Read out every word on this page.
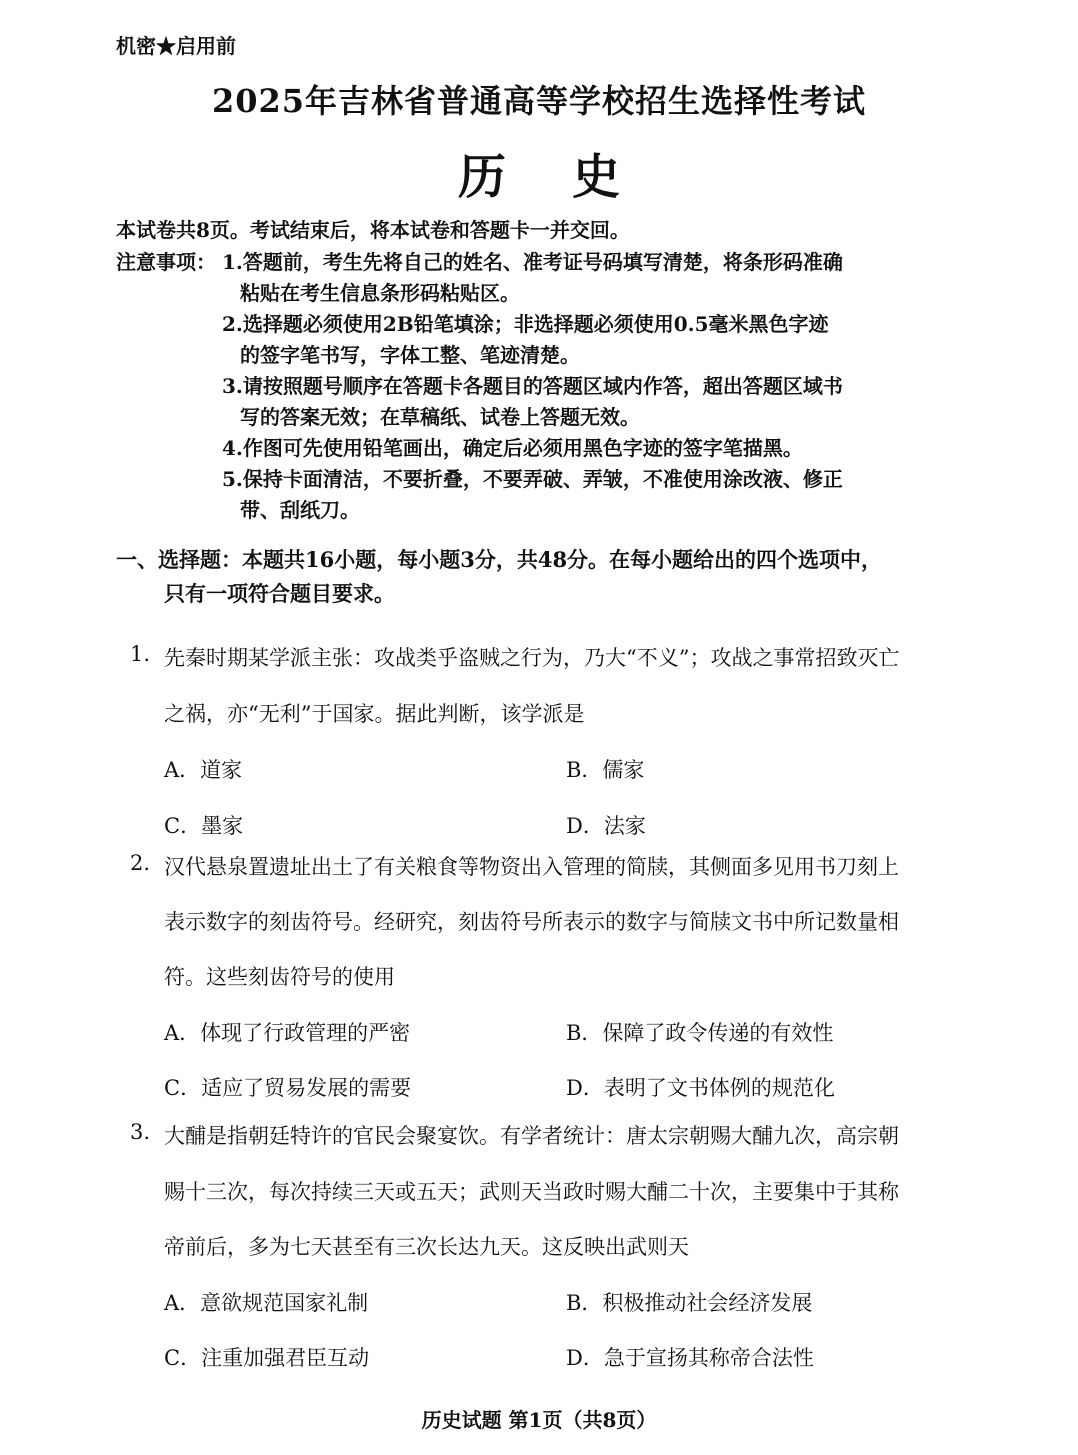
机密★启用前
2025年吉林省普通高等学校招生选择性考试
历史
本试卷共8页。考试结束后，将本试卷和答题卡一并交回。
注意事项： 1.答题前，考生先将自己的姓名、准考证号码填写清楚，将条形码准确
粘贴在考生信息条形码粘贴区。
2.选择题必须使用2B铅笔填涂；非选择题必须使用0.5毫米黑色字迹
的签字笔书写，字体工整、笔迹清楚。
3.请按照题号顺序在答题卡各题目的答题区域内作答，超出答题区域书
写的答案无效；在草稿纸、试卷上答题无效。
4.作图可先使用铅笔画出，确定后必须用黑色字迹的签字笔描黑。
5.保持卡面清洁，不要折叠，不要弄破、弄皱，不准使用涂改液、修正
带、刮纸刀。
一、选择题：本题共16小题，每小题3分，共48分。在每小题给出的四个选项中，
只有一项符合题目要求。
1. 先秦时期某学派主张：攻战类乎盗贼之行为，乃大“不义”；攻战之事常招致灭亡
之祸，亦“无利”于国家。据此判断，该学派是
A．道家	B．儒家
C．墨家	D．法家
2. 汉代悬泉置遗址出土了有关粮食等物资出入管理的简牍，其侧面多见用书刀刻上
表示数字的刻齿符号。经研究，刻齿符号所表示的数字与简牍文书中所记数量相
符。这些刻齿符号的使用
A．体现了行政管理的严密	B．保障了政令传递的有效性
C．适应了贸易发展的需要	D．表明了文书体例的规范化
3. 大酺是指朝廷特许的官民会聚宴饮。有学者统计：唐太宗朝赐大酺九次，高宗朝
赐十三次，每次持续三天或五天；武则天当政时赐大酺二十次，主要集中于其称
帝前后，多为七天甚至有三次长达九天。这反映出武则天
A．意欲规范国家礼制	B．积极推动社会经济发展
C．注重加强君臣互动	D．急于宣扬其称帝合法性
历史试题 第1页（共8页）
